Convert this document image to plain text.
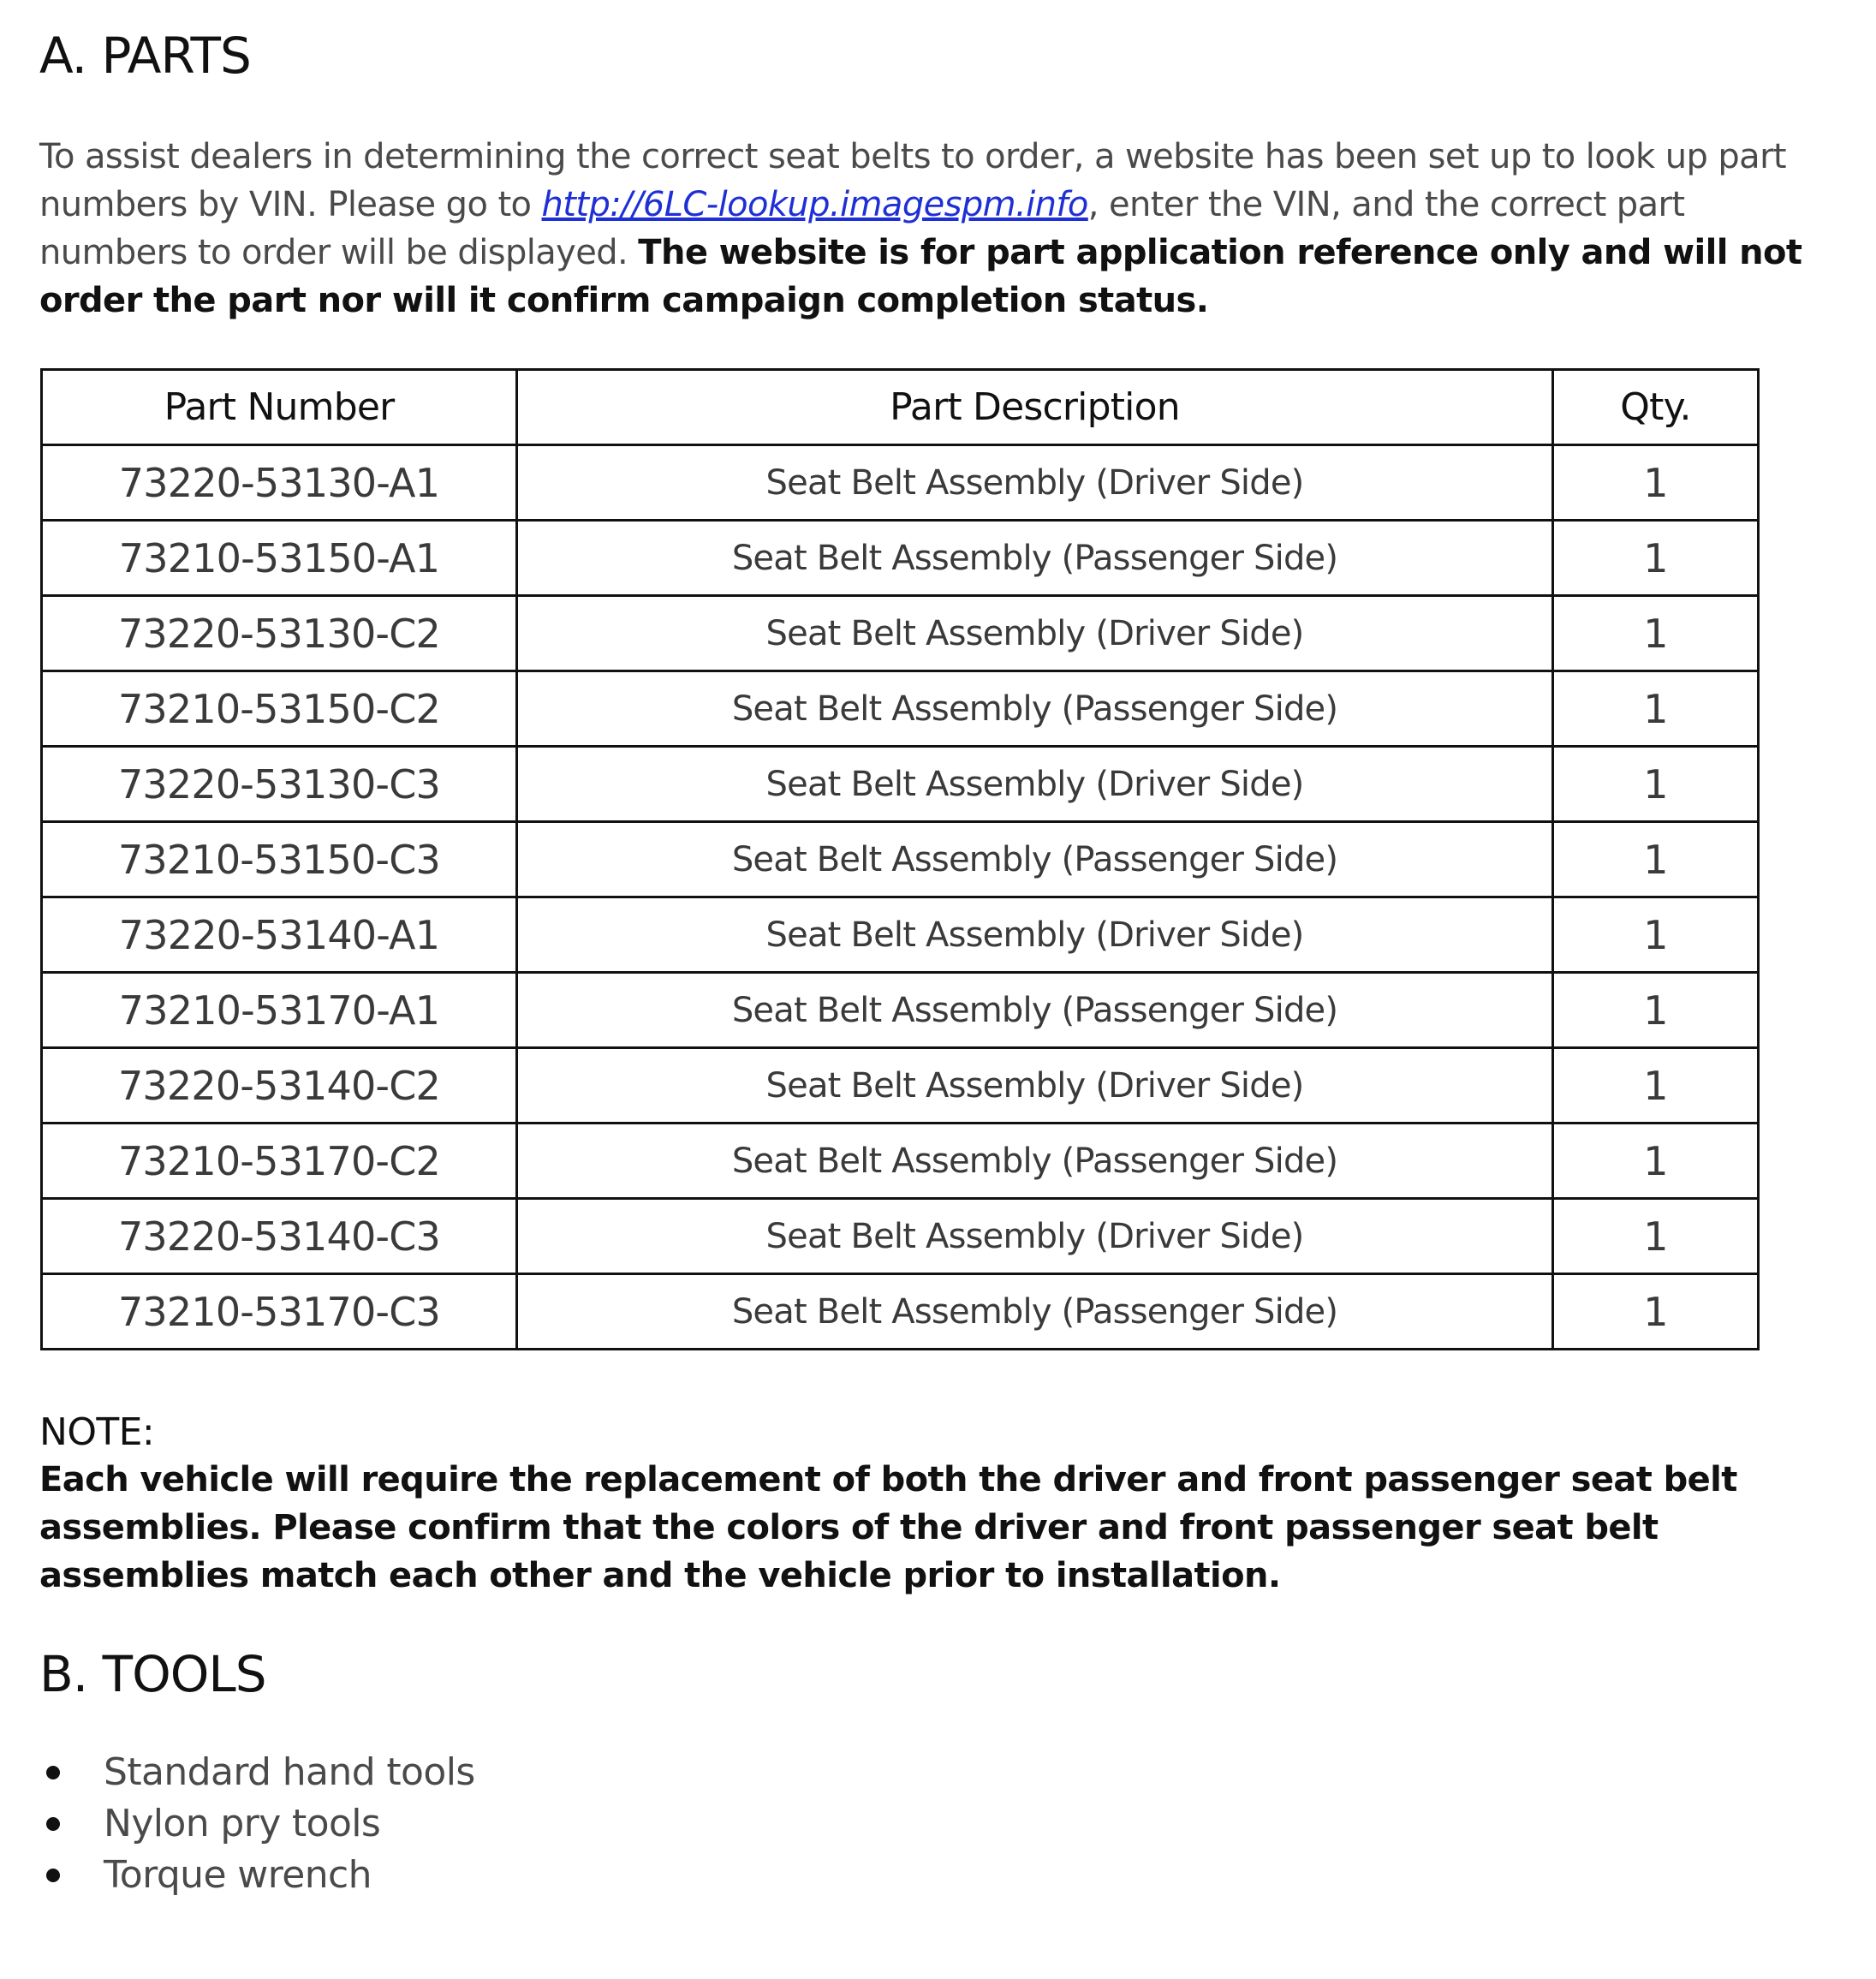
A. PARTS
To assist dealers in determining the correct seat belts to order, a website has been set up to look up part numbers by VIN. Please go to http://6LC-lookup.imagespm.info, enter the VIN, and the correct part numbers to order will be displayed. The website is for part application reference only and will not order the part nor will it confirm campaign completion status.
Part Number	Part Description	Qty.
73220-53130-A1	Seat Belt Assembly (Driver Side)	1
73210-53150-A1	Seat Belt Assembly (Passenger Side)	1
73220-53130-C2	Seat Belt Assembly (Driver Side)	1
73210-53150-C2	Seat Belt Assembly (Passenger Side)	1
73220-53130-C3	Seat Belt Assembly (Driver Side)	1
73210-53150-C3	Seat Belt Assembly (Passenger Side)	1
73220-53140-A1	Seat Belt Assembly (Driver Side)	1
73210-53170-A1	Seat Belt Assembly (Passenger Side)	1
73220-53140-C2	Seat Belt Assembly (Driver Side)	1
73210-53170-C2	Seat Belt Assembly (Passenger Side)	1
73220-53140-C3	Seat Belt Assembly (Driver Side)	1
73210-53170-C3	Seat Belt Assembly (Passenger Side)	1
NOTE:
Each vehicle will require the replacement of both the driver and front passenger seat belt assemblies. Please confirm that the colors of the driver and front passenger seat belt assemblies match each other and the vehicle prior to installation.
B. TOOLS
Standard hand tools
Nylon pry tools
Torque wrench
